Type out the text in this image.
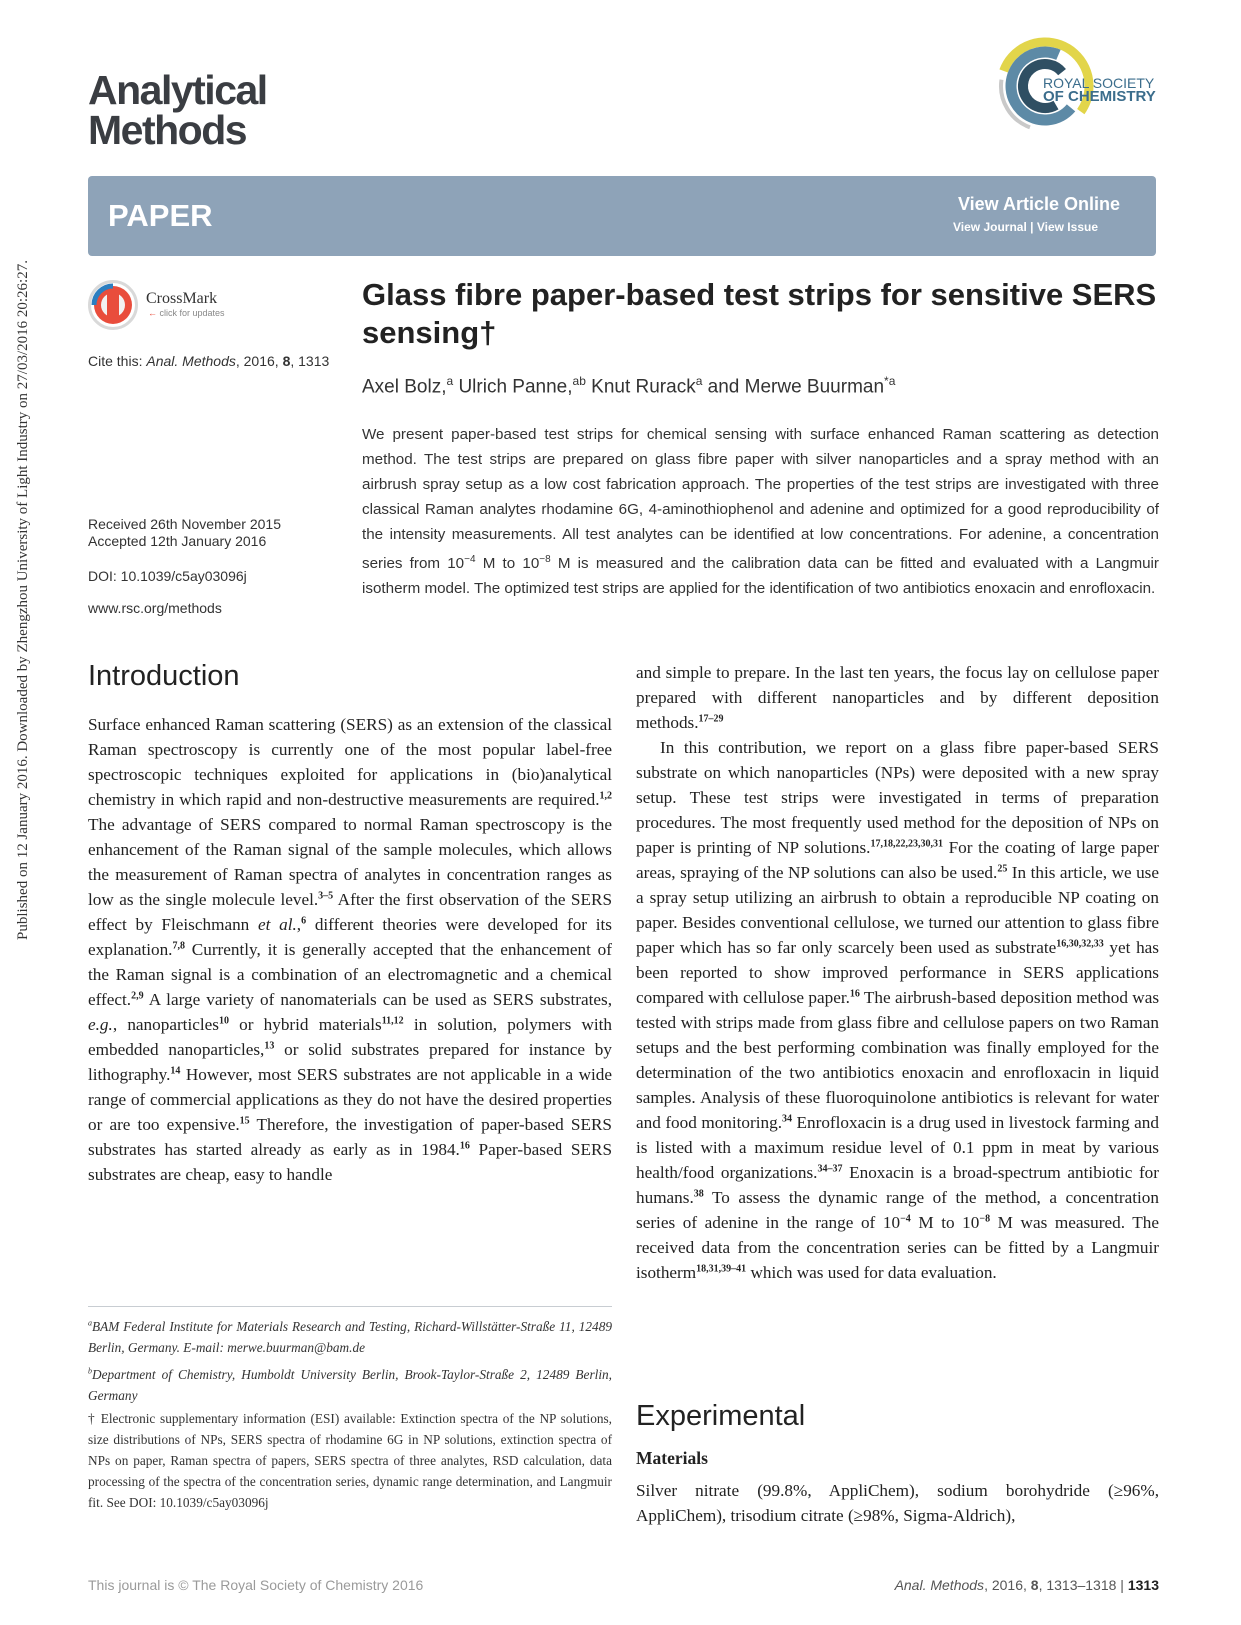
Published on 12 January 2016. Downloaded by Zhengzhou University of Light Industry on 27/03/2016 20:26:27.
Analytical
Methods
ROYAL SOCIETY
OF CHEMISTRY
PAPER	View Article Online
View Journal | View Issue
CrossMark
← click for updates
Cite this: Anal. Methods, 2016, 8, 1313
Received 26th November 2015
Accepted 12th January 2016
DOI: 10.1039/c5ay03096j
www.rsc.org/methods
Glass fibre paper-based test strips for sensitive SERS sensing†
Axel Bolz,$^a$ Ulrich Panne,$^{ab}$ Knut Rurack$^a$ and Merwe Buurman$^{*a}$
We present paper-based test strips for chemical sensing with surface enhanced Raman scattering as detection method. The test strips are prepared on glass fibre paper with silver nanoparticles and a spray method with an airbrush spray setup as a low cost fabrication approach. The properties of the test strips are investigated with three classical Raman analytes rhodamine 6G, 4-aminothiophenol and adenine and optimized for a good reproducibility of the intensity measurements. All test analytes can be identified at low concentrations. For adenine, a concentration series from $10^{-4}$ M to $10^{-8}$ M is measured and the calibration data can be fitted and evaluated with a Langmuir isotherm model. The optimized test strips are applied for the identification of two antibiotics enoxacin and enrofloxacin.
Introduction

Surface enhanced Raman scattering (SERS) as an extension of the classical Raman spectroscopy is currently one of the most popular label-free spectroscopic techniques exploited for applications in (bio)analytical chemistry in which rapid and non-destructive measurements are required.$^{1,2}$ The advantage of SERS compared to normal Raman spectroscopy is the enhancement of the Raman signal of the sample molecules, which allows the measurement of Raman spectra of analytes in concentration ranges as low as the single molecule level.$^{3-5}$ After the first observation of the SERS effect by Fleischmann et al.,$^6$ different theories were developed for its explanation.$^{7,8}$ Currently, it is generally accepted that the enhancement of the Raman signal is a combination of an electromagnetic and a chemical effect.$^{2,9}$ A large variety of nanomaterials can be used as SERS substrates, e.g., nanoparticles$^{10}$ or hybrid materials$^{11,12}$ in solution, polymers with embedded nanoparticles,$^{13}$ or solid substrates prepared for instance by lithography.$^{14}$ However, most SERS substrates are not applicable in a wide range of commercial applications as they do not have the desired properties or are too expensive.$^{15}$ Therefore, the investigation of paper-based SERS substrates has started already as early as in 1984.16 Paper-based SERS substrates are cheap, easy to handle

and simple to prepare. In the last ten years, the focus lay on cellulose paper prepared with different nanoparticles and by different deposition methods.$^{17-29}$

In this contribution, we report on a glass fibre paper-based SERS substrate on which nanoparticles (NPs) were deposited with a new spray setup. These test strips were investigated in terms of preparation procedures. The most frequently used method for the deposition of NPs on paper is printing of NP solutions.$^{17,18,22,23,30,31}$ For the coating of large paper areas, spraying of the NP solutions can also be used.$^{25}$ In this article, we use a spray setup utilizing an airbrush to obtain a reproducible NP coating on paper. Besides conventional cellulose, we turned our attention to glass fibre paper which has so far only scarcely been used as substrate$^{16,30,32,33}$ yet has been reported to show improved performance in SERS applications compared with cellulose paper.$^{16}$ The airbrush-based deposition method was tested with strips made from glass fibre and cellulose papers on two Raman setups and the best performing combination was finally employed for the determination of the two antibiotics enoxacin and enrofloxacin in liquid samples. Analysis of these fluoroquinolone antibiotics is relevant for water and food monitoring.$^{34}$ Enrofloxacin is a drug used in livestock farming and is listed with a maximum residue level of 0.1 ppm in meat by various health/food organizations.$^{34-37}$ Enoxacin is a broad-spectrum antibiotic for humans.$^{38}$ To assess the dynamic range of the method, a concentration series of adenine in the range of $10^{-4}$ M to $10^{-8}$ M was measured. The received data from the concentration series can be fitted by a Langmuir isotherm$^{18,31,39-41}$ which was used for data evaluation.

$^a$BAM Federal Institute for Materials Research and Testing, Richard-Willstätter-Straße 11, 12489 Berlin, Germany. E-mail: merwe.buurman@bam.de

$^b$Department of Chemistry, Humboldt University Berlin, Brook-Taylor-Straße 2, 12489 Berlin, Germany

† Electronic supplementary information (ESI) available: Extinction spectra of the NP solutions, size distributions of NPs, SERS spectra of rhodamine 6G in NP solutions, extinction spectra of NPs on paper, Raman spectra of papers, SERS spectra of three analytes, RSD calculation, data processing of the spectra of the concentration series, dynamic range determination, and Langmuir fit. See DOI: 10.1039/c5ay03096j

Experimental
Materials
Silver nitrate (99.8%, AppliChem), sodium borohydride (≥96%, AppliChem), trisodium citrate (≥98%, Sigma-Aldrich),
This journal is © The Royal Society of Chemistry 2016	Anal. Methods, 2016, 8, 1313–1318 | 1313
